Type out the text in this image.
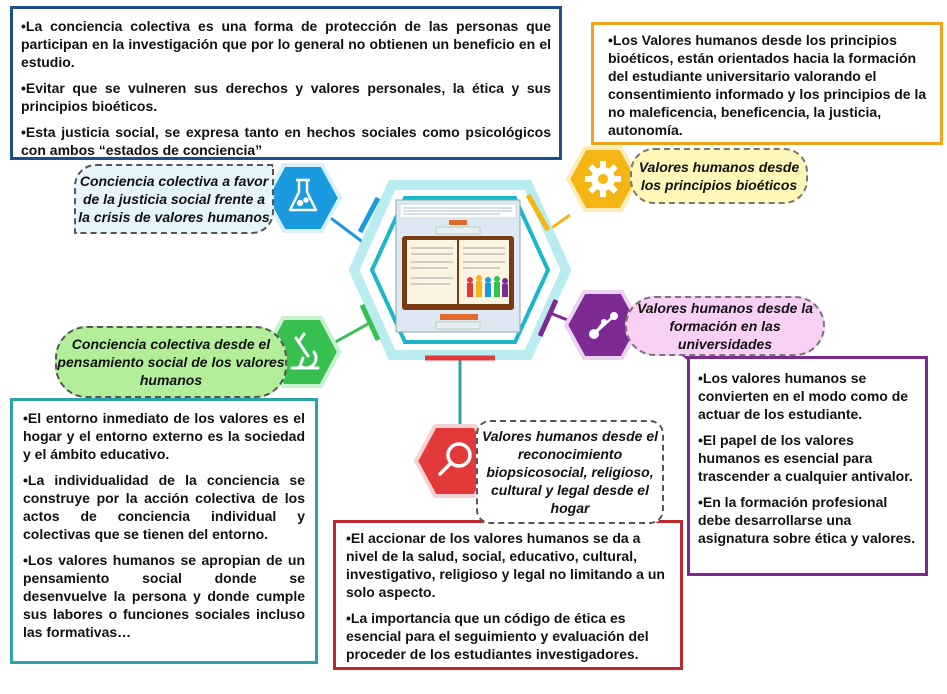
•La conciencia colectiva es una forma de protección de las personas que participan en la investigación que por lo general no obtienen un beneficio en el estudio.

•Evitar que se vulneren sus derechos y valores personales, la ética y sus principios bioéticos.

•Esta justicia social, se expresa tanto en hechos sociales como psicológicos con ambos “estados de conciencia”

•Los Valores humanos desde los principios bioéticos, están orientados hacia la formación del estudiante universitario valorando el consentimiento informado y los principios de la no maleficencia, beneficencia, la justicia, autonomía.

•Los valores humanos se convierten en el modo como de actuar de los estudiante.

•El papel de los valores humanos es esencial para trascender a cualquier antivalor.

•En la formación profesional debe desarrollarse una asignatura sobre ética y valores.

•El entorno inmediato de los valores es el hogar y el entorno externo es la sociedad y el ámbito educativo.

•La individualidad de la conciencia se construye por la acción colectiva de los actos de conciencia individual y colectivas que se tienen del entorno.

•Los valores humanos se apropian de un pensamiento social donde se desenvuelve la persona y donde cumple sus labores o funciones sociales incluso las formativas…

•El accionar de los valores humanos se da a nivel de la salud, social, educativo, cultural, investigativo, religioso y legal no limitando a un solo aspecto.

•La importancia que un código de ética es esencial para el seguimiento y evaluación del proceder de los estudiantes investigadores.

Conciencia colectiva a favor de la justicia social frente a la crisis de valores humanos
Valores humanos desde los principios bioéticos
Conciencia colectiva desde el pensamiento social de los valores humanos
Valores humanos desde la formación en las universidades
Valores humanos desde el reconocimiento biopsicosocial, religioso, cultural y legal desde el hogar
